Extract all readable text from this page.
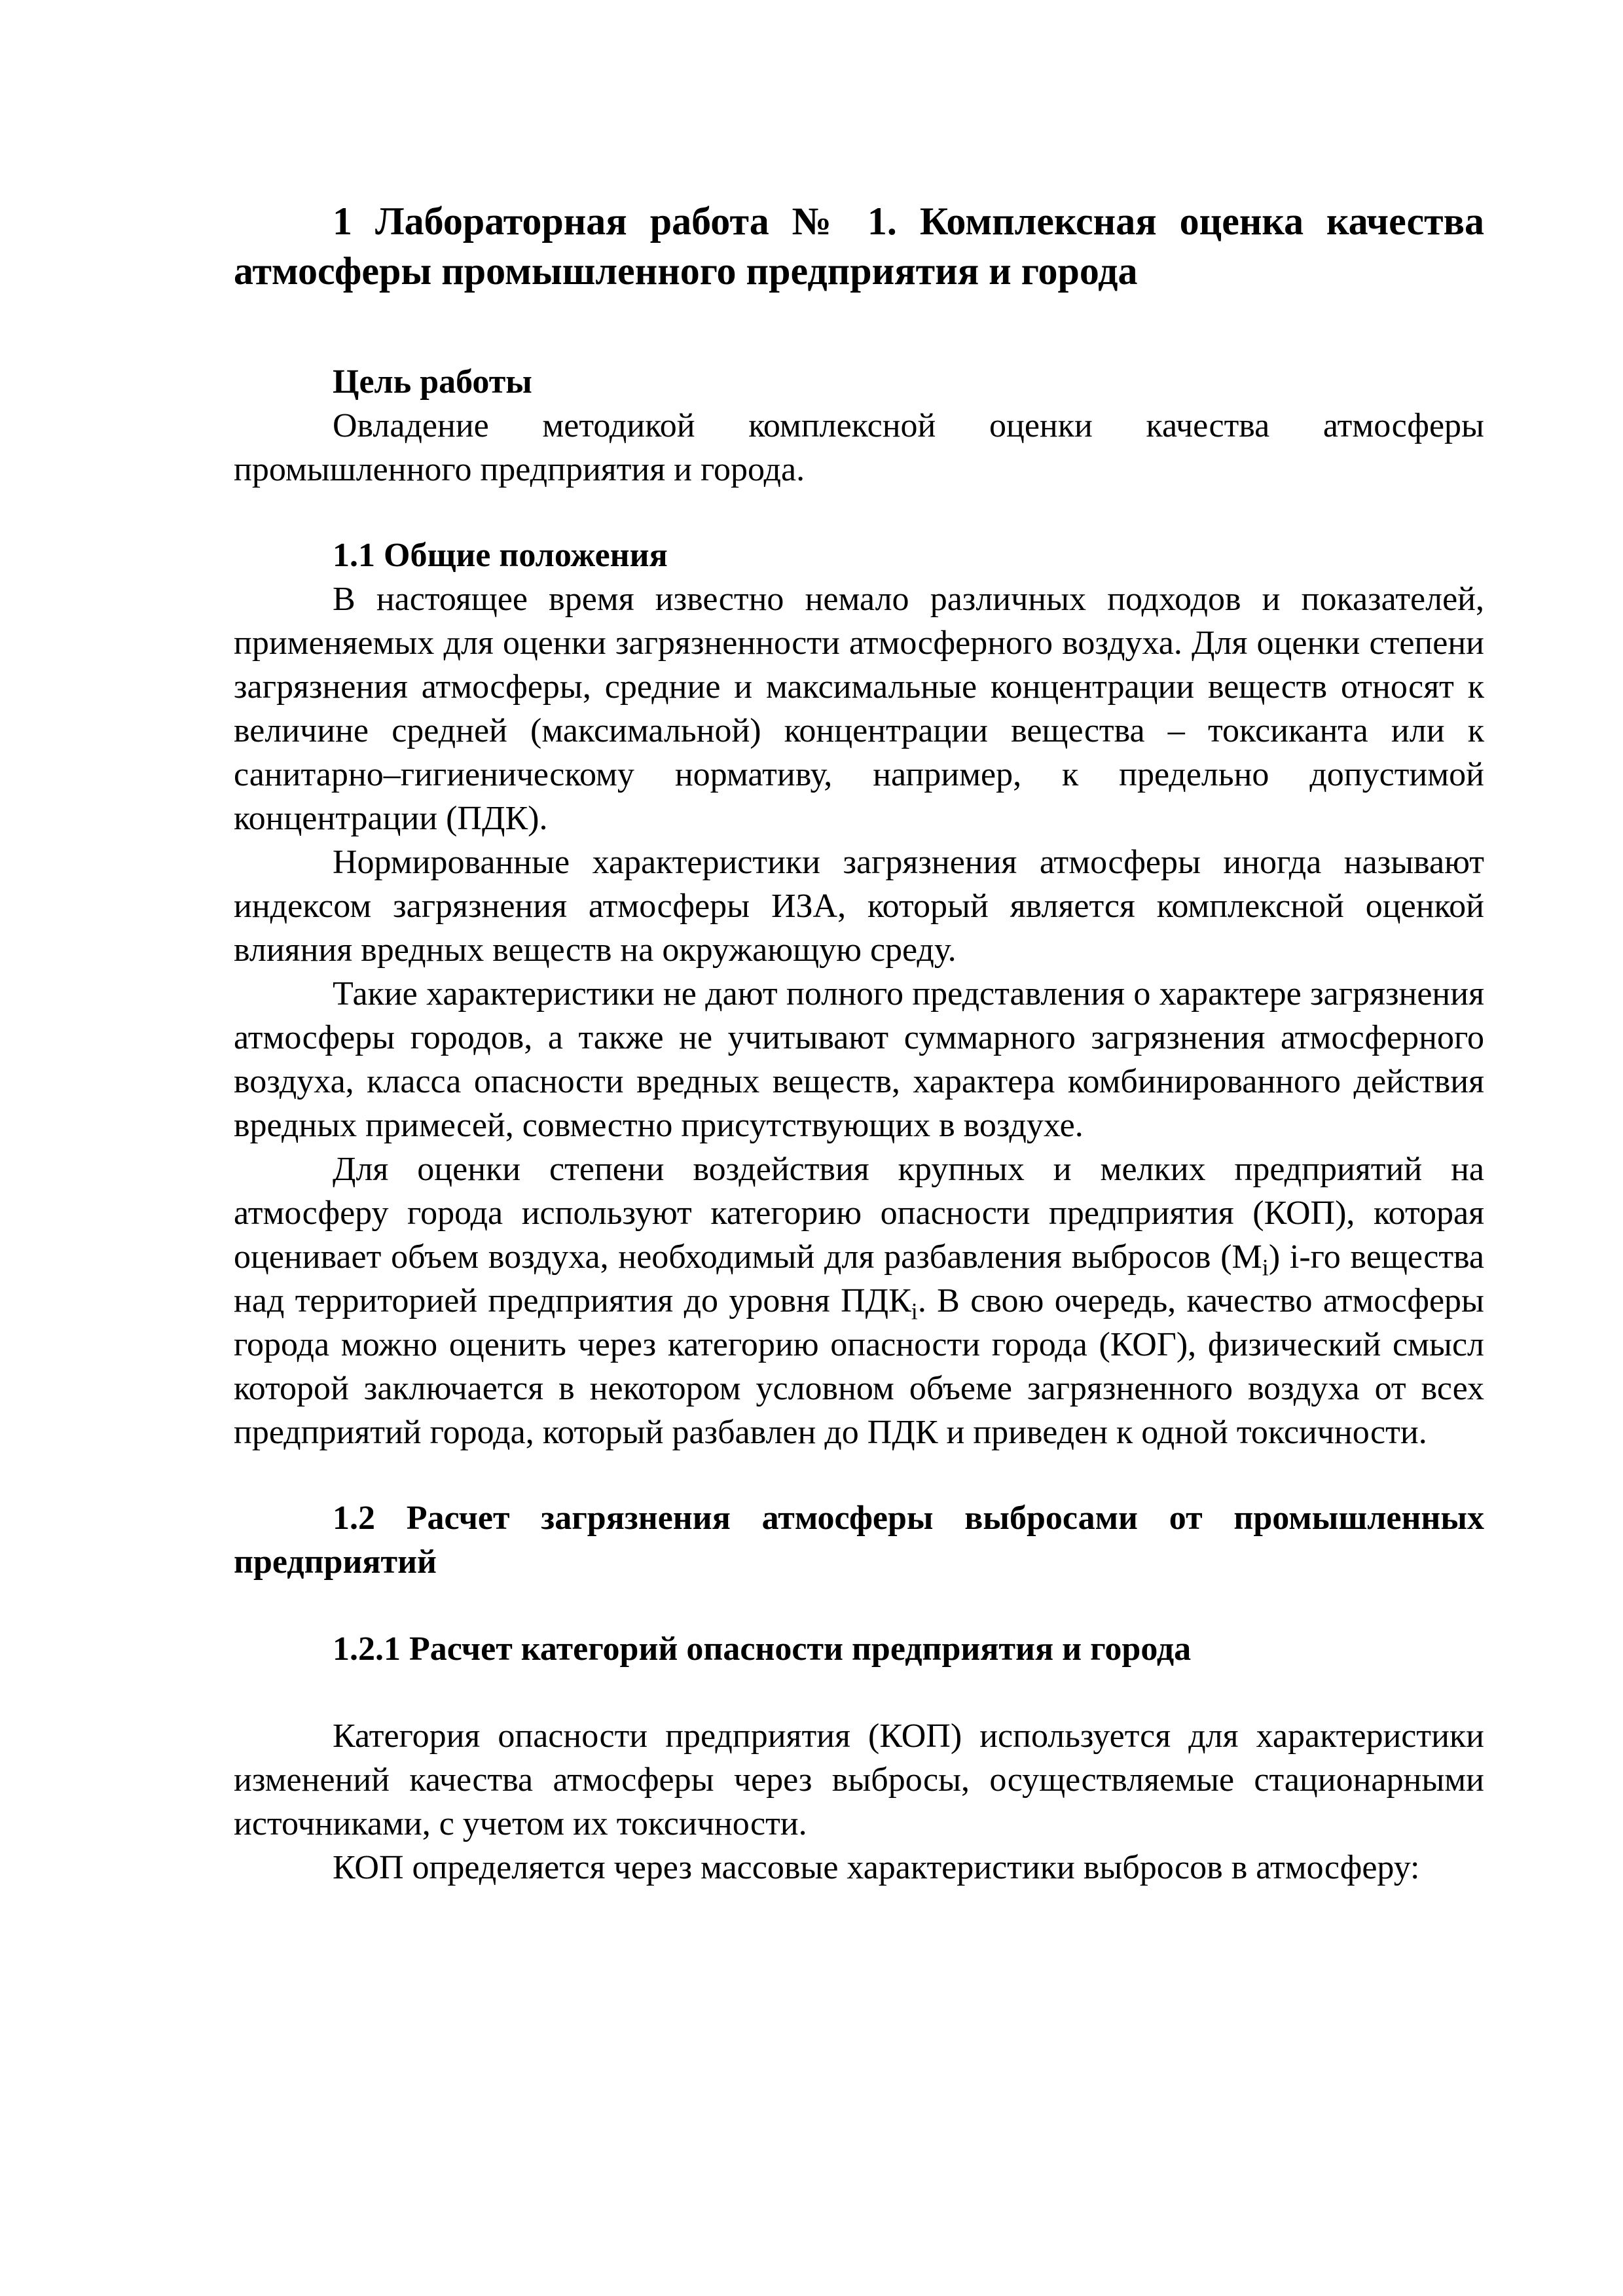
1 Лабораторная работа № 1. Комплексная оценка качества атмосферы промышленного предприятия и города

Цель работы

Овладение методикой комплексной оценки качества атмосферы промышленного предприятия и города.

1.1 Общие положения

В настоящее время известно немало различных подходов и показателей, применяемых для оценки загрязненности атмосферного воздуха. Для оценки степени загрязнения атмосферы, средние и максимальные концентрации веществ относят к величине средней (максимальной) концентрации вещества – токсиканта или к санитарно–гигиеническому нормативу, например, к предельно допустимой концентрации (ПДК).

Нормированные характеристики загрязнения атмосферы иногда называют индексом загрязнения атмосферы ИЗА, который является комплексной оценкой влияния вредных веществ на окружающую среду.

Такие характеристики не дают полного представления о характере загрязнения атмосферы городов, а также не учитывают суммарного загрязнения атмосферного воздуха, класса опасности вредных веществ, характера комбинированного действия вредных примесей, совместно присутствующих в воздухе.

Для оценки степени воздействия крупных и мелких предприятий на атмосферу города используют категорию опасности предприятия (КОП), которая оценивает объем воздуха, необходимый для разбавления выбросов $(M_i)$ i-го вещества над территорией предприятия до уровня $ПДК_i$. В свою очередь, качество атмосферы города можно оценить через категорию опасности города (КОГ), физический смысл которой заключается в некотором условном объеме загрязненного воздуха от всех предприятий города, который разбавлен до ПДК и приведен к одной токсичности.

1.2 Расчет загрязнения атмосферы выбросами от промышленных предприятий

1.2.1 Расчет категорий опасности предприятия и города

Категория опасности предприятия (КОП) используется для характеристики изменений качества атмосферы через выбросы, осуществляемые стационарными источниками, с учетом их токсичности.

КОП определяется через массовые характеристики выбросов в атмосферу:
